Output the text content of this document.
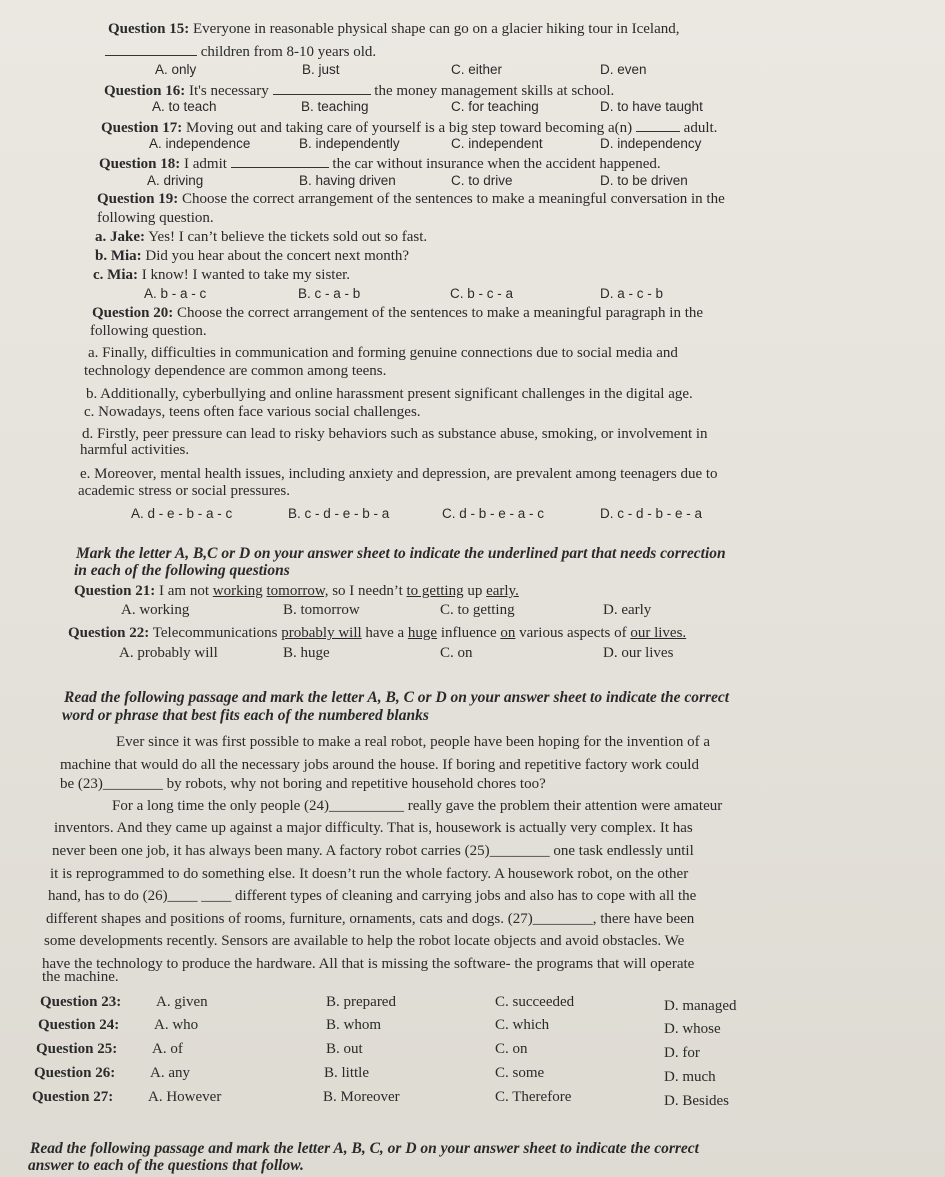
Question 15: Everyone in reasonable physical shape can go on a glacier hiking tour in Iceland,
children from 8-10 years old.
A. only	B. just	C. either	D. even
Question 16: It's necessary	the money management skills at school.
A. to teach	B. teaching	C. for teaching	D. to have taught
Question 17: Moving out and taking care of yourself is a big step toward becoming a(n)	adult.
A. independence	B. independently	C. independent	D. independency
Question 18: I admit	the car without insurance when the accident happened.
A. driving	B. having driven	C. to drive	D. to be driven
Question 19: Choose the correct arrangement of the sentences to make a meaningful conversation in the
following question.
a. Jake: Yes! I can’t believe the tickets sold out so fast.
b. Mia: Did you hear about the concert next month?
c. Mia: I know! I wanted to take my sister.
A. b - a - c	B. c - a - b	C. b - c - a	D. a - c - b
Question 20: Choose the correct arrangement of the sentences to make a meaningful paragraph in the
following question.
a. Finally, difficulties in communication and forming genuine connections due to social media and
technology dependence are common among teens.
b. Additionally, cyberbullying and online harassment present significant challenges in the digital age.
c. Nowadays, teens often face various social challenges.
d. Firstly, peer pressure can lead to risky behaviors such as substance abuse, smoking, or involvement in
harmful activities.
e. Moreover, mental health issues, including anxiety and depression, are prevalent among teenagers due to
academic stress or social pressures.
A. d - e - b - a - c	B. c - d - e - b - a	C. d - b - e - a - c	D. c - d - b - e - a
Mark the letter A, B,C or D on your answer sheet to indicate the underlined part that needs correction
in each of the following questions
Question 21: I am not working tomorrow, so I needn’t to getting up early.
A. working	B. tomorrow	C. to getting	D. early
Question 22: Telecommunications probably will have a huge influence on various aspects of our lives.
A. probably will	B. huge	C. on	D. our lives
Read the following passage and mark the letter A, B, C or D on your answer sheet to indicate the correct
word or phrase that best fits each of the numbered blanks
Ever since it was first possible to make a real robot, people have been hoping for the invention of a
machine that would do all the necessary jobs around the house. If boring and repetitive factory work could
be (23)________ by robots, why not boring and repetitive household chores too?
For a long time the only people (24)__________ really gave the problem their attention were amateur
inventors. And they came up against a major difficulty. That is, housework is actually very complex. It has
never been one job, it has always been many. A factory robot carries (25)________ one task endlessly until
it is reprogrammed to do something else. It doesn’t run the whole factory. A housework robot, on the other
hand, has to do (26)____ ____ different types of cleaning and carrying jobs and also has to cope with all the
different shapes and positions of rooms, furniture, ornaments, cats and dogs. (27)________, there have been
some developments recently. Sensors are available to help the robot locate objects and avoid obstacles. We
have the technology to produce the hardware. All that is missing the software- the programs that will operate
the machine.
Question 23: A. given	B. prepared	C. succeeded	D. managed
Question 24: A. who	B. whom	C. which	D. whose
Question 25: A. of	B. out	C. on	D. for
Question 26: A. any	B. little	C. some	D. much
Question 27: A. However	B. Moreover	C. Therefore	D. Besides
Read the following passage and mark the letter A, B, C, or D on your answer sheet to indicate the correct
answer to each of the questions that follow.
